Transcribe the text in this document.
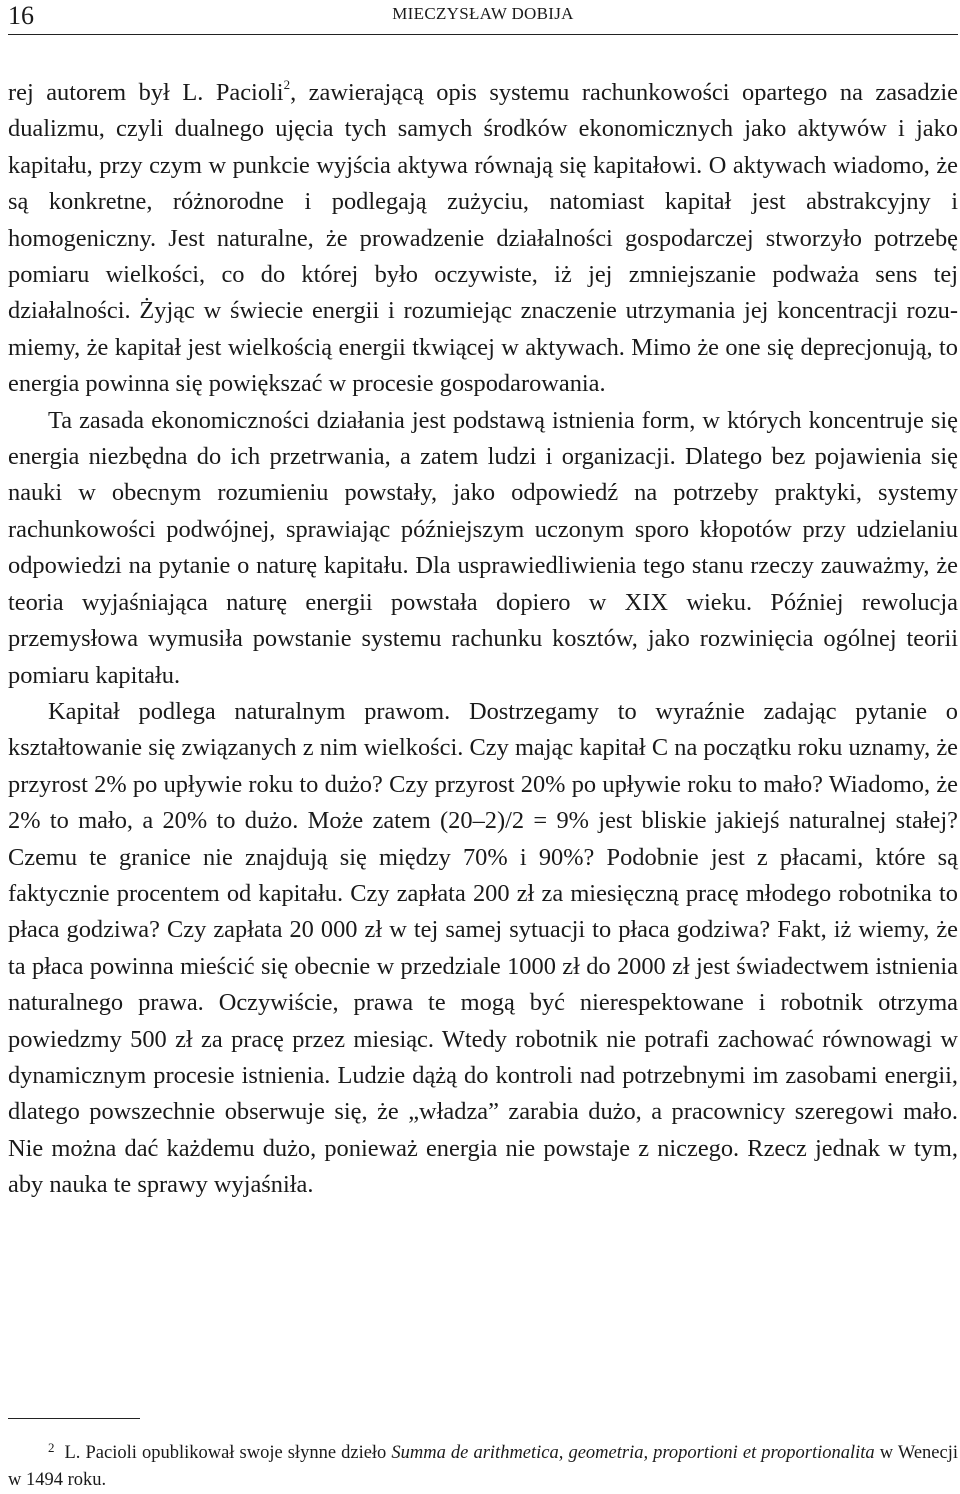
16	MIECZYSŁAW DOBIJA

rej autorem był L. Pacioli$^2$, zawierającą opis systemu rachunkowości opartego na zasadzie dualizmu, czyli dualnego ujęcia tych samych środków ekonomicznych jako aktywów i jako kapitału, przy czym w punkcie wyjścia aktywa równają się kapitałowi. O aktywach wiadomo, że są konkretne, różnorodne i podlegają zużyciu, natomiast kapitał jest abstrakcyjny i homogeniczny. Jest naturalne, że prowadzenie działalności gospodarczej stworzyło potrzebę pomiaru wielkości, co do której było oczywiste, iż jej zmniejszanie podważa sens tej działalności. Żyjąc w świecie energii i rozumiejąc znaczenie utrzymania jej koncentracji rozumiemy, że kapitał jest wielkością energii tkwiącej w aktywach. Mimo że one się deprecjonują, to energia powinna się powiększać w procesie gospodarowania.

Ta zasada ekonomiczności działania jest podstawą istnienia form, w których koncentruje się energia niezbędna do ich przetrwania, a zatem ludzi i organizacji. Dlatego bez pojawienia się nauki w obecnym rozumieniu powstały, jako odpowiedź na potrzeby praktyki, systemy rachunkowości podwójnej, sprawiając późniejszym uczonym sporo kłopotów przy udzielaniu odpowiedzi na pytanie o naturę kapitału. Dla usprawiedliwienia tego stanu rzeczy zauważmy, że teoria wyjaśniająca naturę energii powstała dopiero w XIX wieku. Później rewolucja przemysłowa wymusiła powstanie systemu rachunku kosztów, jako rozwinięcia ogólnej teorii pomiaru kapitału.

Kapitał podlega naturalnym prawom. Dostrzegamy to wyraźnie zadając pytanie o kształtowanie się związanych z nim wielkości. Czy mając kapitał C na początku roku uznamy, że przyrost 2% po upływie roku to dużo? Czy przyrost 20% po upływie roku to mało? Wiadomo, że 2% to mało, a 20% to dużo. Może zatem (20–2)/2 = 9% jest bliskie jakiejś naturalnej stałej? Czemu te granice nie znajdują się między 70% i 90%? Podobnie jest z płacami, które są faktycznie procentem od kapitału. Czy zapłata 200 zł za miesięczną pracę młodego robotnika to płaca godziwa? Czy zapłata 20 000 zł w tej samej sytuacji to płaca godziwa? Fakt, iż wiemy, że ta płaca powinna mieścić się obecnie w przedziale 1000 zł do 2000 zł jest świadectwem istnienia naturalnego prawa. Oczywiście, prawa te mogą być nierespektowane i robotnik otrzyma powiedzmy 500 zł za pracę przez miesiąc. Wtedy robotnik nie potrafi zachować równowagi w dynamicznym procesie istnienia. Ludzie dążą do kontroli nad potrzebnymi im zasobami energii, dlatego powszechnie obserwuje się, że „władza” zarabia dużo, a pracownicy szeregowi mało. Nie można dać każdemu dużo, ponieważ energia nie powstaje z niczego. Rzecz jednak w tym, aby nauka te sprawy wyjaśniła.

$^2$ L. Pacioli opublikował swoje słynne dzieło Summa de arithmetica, geometria, proportioni et proportionalita w Wenecji w 1494 roku.
